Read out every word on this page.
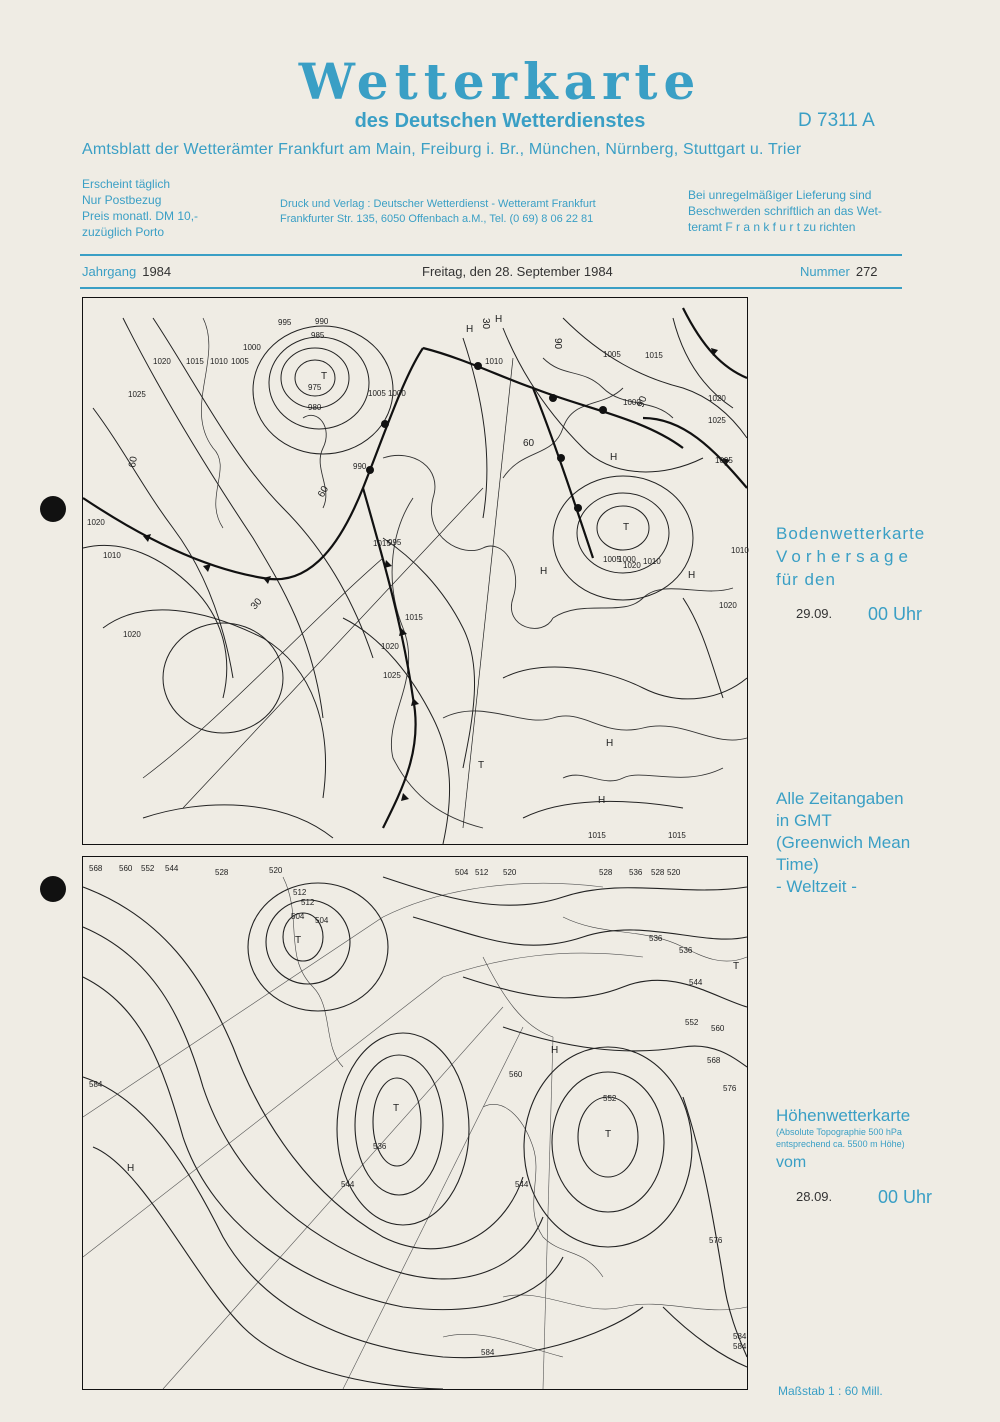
Wetterkarte
des Deutschen Wetterdienstes	D 7311 A
Amtsblatt der Wetterämter Frankfurt am Main, Freiburg i. Br., München, Nürnberg, Stuttgart u. Trier
Erscheint täglich
Nur Postbezug
Preis monatl. DM 10,-
zuzüglich Porto
Druck und Verlag : Deutscher Wetterdienst - Wetteramt Frankfurt
Frankfurter Str. 135, 6050 Offenbach a.M., Tel. (0 69) 8 06 22 81
Bei unregelmäßiger Lieferung sind
Beschwerden schriftlich an das Wet-
teramt F r a n k f u r t zu richten
Jahrgang 1984	Freitag, den 28. September 1984	Nummer 272
995	990
985
975
980
1000
1020 1015 1010 1005
1025	1005 1000
1010
1005
1000
1015
1020
1010
1015
1020
1025
1005
1010
1015
1020
1025
1015
1020
1015
1020
1020
990
995
1000
1005	1010
60
30
60
30
90
90
60
T
T
T
H
H
H
H	H
H
H
Bodenwetterkarte
Vorhersage
für den
29.09. 00 Uhr
Alle Zeitangaben
in GMT
(Greenwich Mean
Time)
- Weltzeit -
568 560 552 544	528	520
512
504
504 512 520	528 536 528 520
536
536
544
552
560
568
576
584
576
584
536
544
552
544
560
584
584
512
504
T
T
T
T
H
H
Höhenwetterkarte
(Absolute Topographie 500 hPa
entsprechend ca. 5500 m Höhe)
vom
28.09.	00 Uhr
Maßstab 1 : 60 Mill.
